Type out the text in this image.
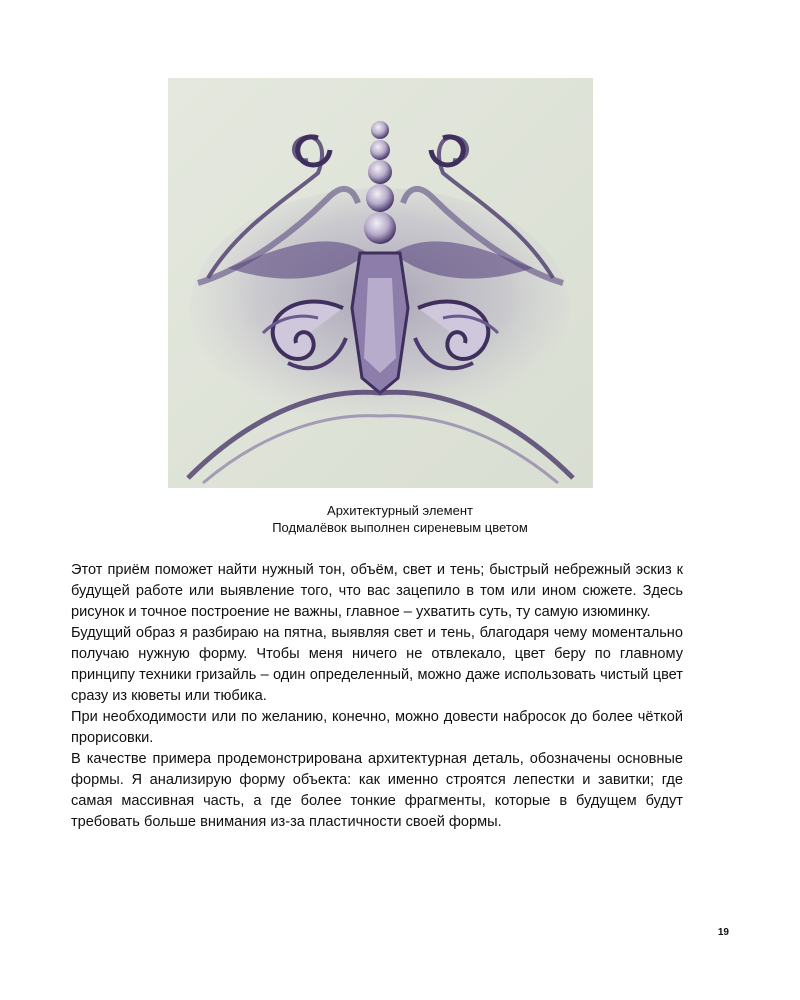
Архитектурный элемент
Подмалёвок выполнен сиреневым цветом

Этот приём поможет найти нужный тон, объём, свет и тень; быстрый небрежный эскиз к будущей работе или выявление того, что вас зацепило в том или ином сюжете. Здесь рисунок и точное построение не важны, главное – ухватить суть, ту самую изюминку.

Будущий образ я разбираю на пятна, выявляя свет и тень, благодаря чему моментально получаю нужную форму. Чтобы меня ничего не отвлекало, цвет беру по главному принципу техники гризайль – один определенный, можно даже использовать чистый цвет сразу из кюветы или тюбика.

При необходимости или по желанию, конечно, можно довести набросок до более чёткой прорисовки.

В качестве примера продемонстрирована архитектурная деталь, обозначены основные формы. Я анализирую форму объекта: как именно строятся лепестки и завитки; где самая массивная часть, а где более тонкие фрагменты, которые в будущем будут требовать больше внимания из-за пластичности своей формы.

19
